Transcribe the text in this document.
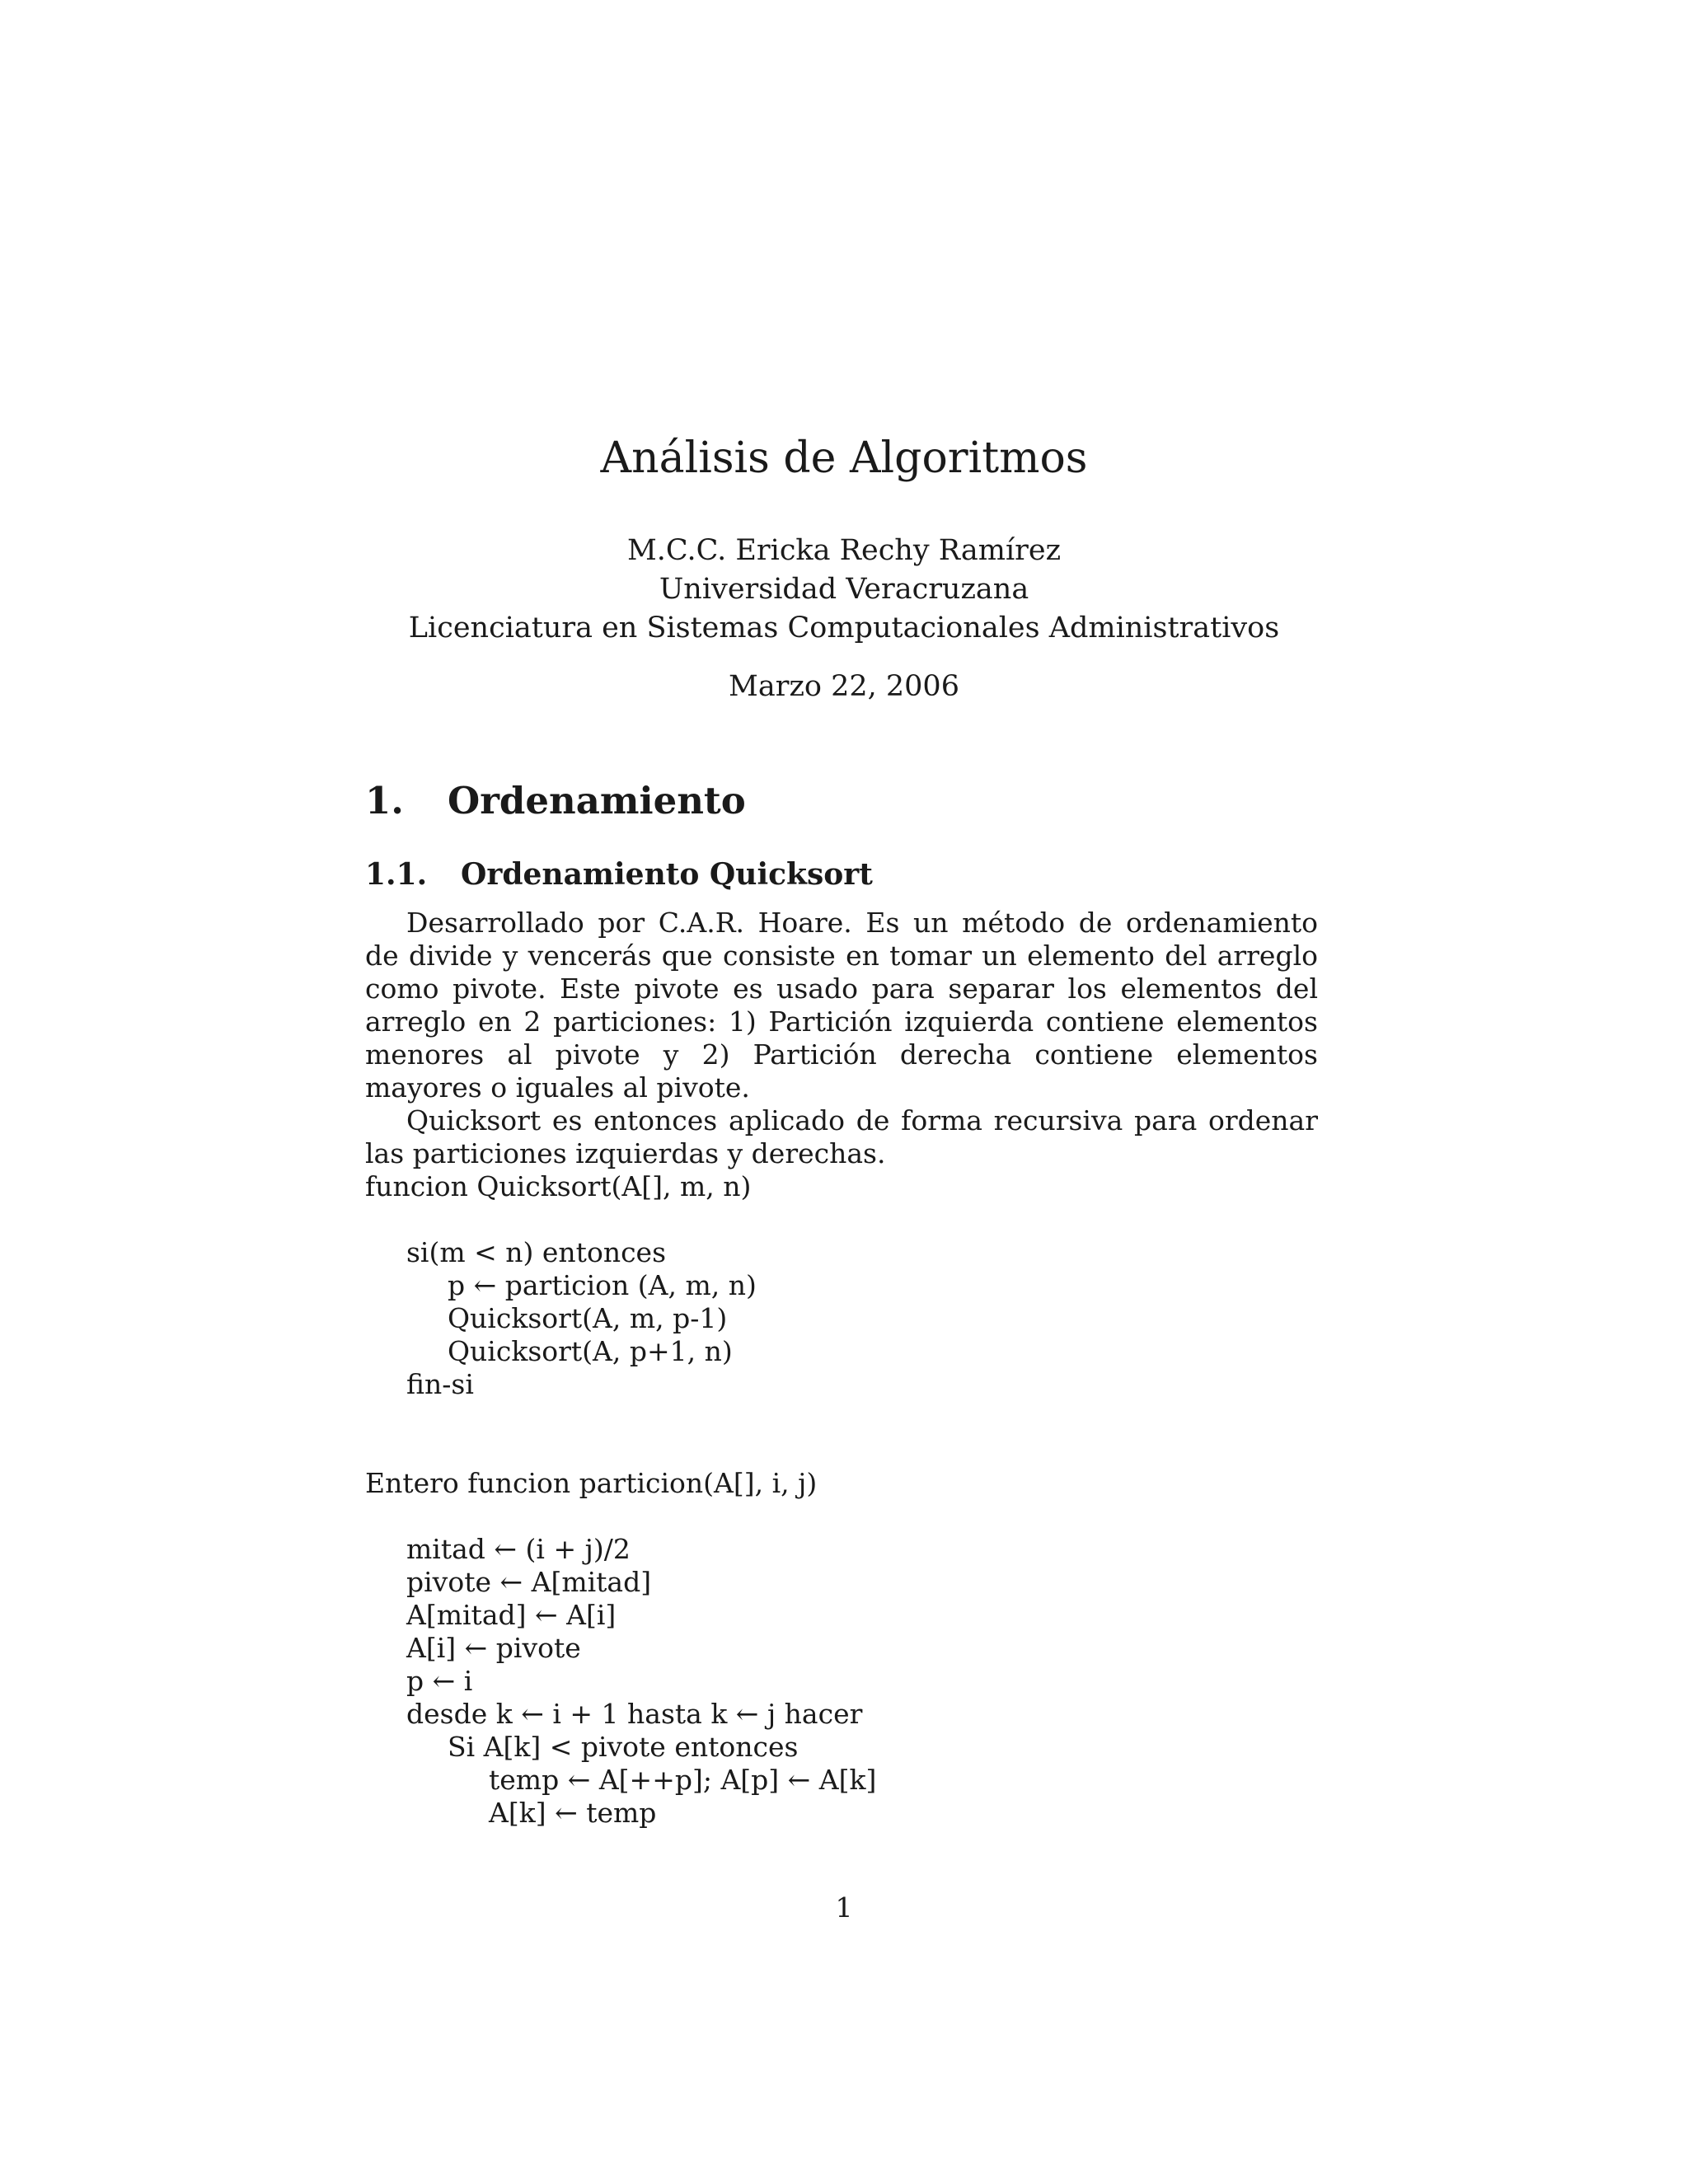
Análisis de Algoritmos
M.C.C. Ericka Rechy Ramírez
Universidad Veracruzana
Licenciatura en Sistemas Computacionales Administrativos
Marzo 22, 2006
1. Ordenamiento
1.1. Ordenamiento Quicksort

Desarrollado por C.A.R. Hoare. Es un método de ordenamiento de divide y vencerás que consiste en tomar un elemento del arreglo como pivote. Este pivote es usado para separar los elementos del arreglo en 2 particiones: 1) Partición izquierda contiene elementos menores al pivote y 2) Partición derecha contiene elementos mayores o iguales al pivote.

Quicksort es entonces aplicado de forma recursiva para ordenar las particiones izquierdas y derechas.

funcion Quicksort(A[], m, n)
si(m < n) entonces
p ← particion (A, m, n)
Quicksort(A, m, p-1)
Quicksort(A, p+1, n)
fin-si
Entero funcion particion(A[], i, j)
mitad ← (i + j)/2
pivote ← A[mitad]
A[mitad] ← A[i]
A[i] ← pivote
p ← i
desde k ← i + 1 hasta k ← j hacer
Si A[k] < pivote entonces
temp ← A[++p]; A[p] ← A[k]
A[k] ← temp
1
